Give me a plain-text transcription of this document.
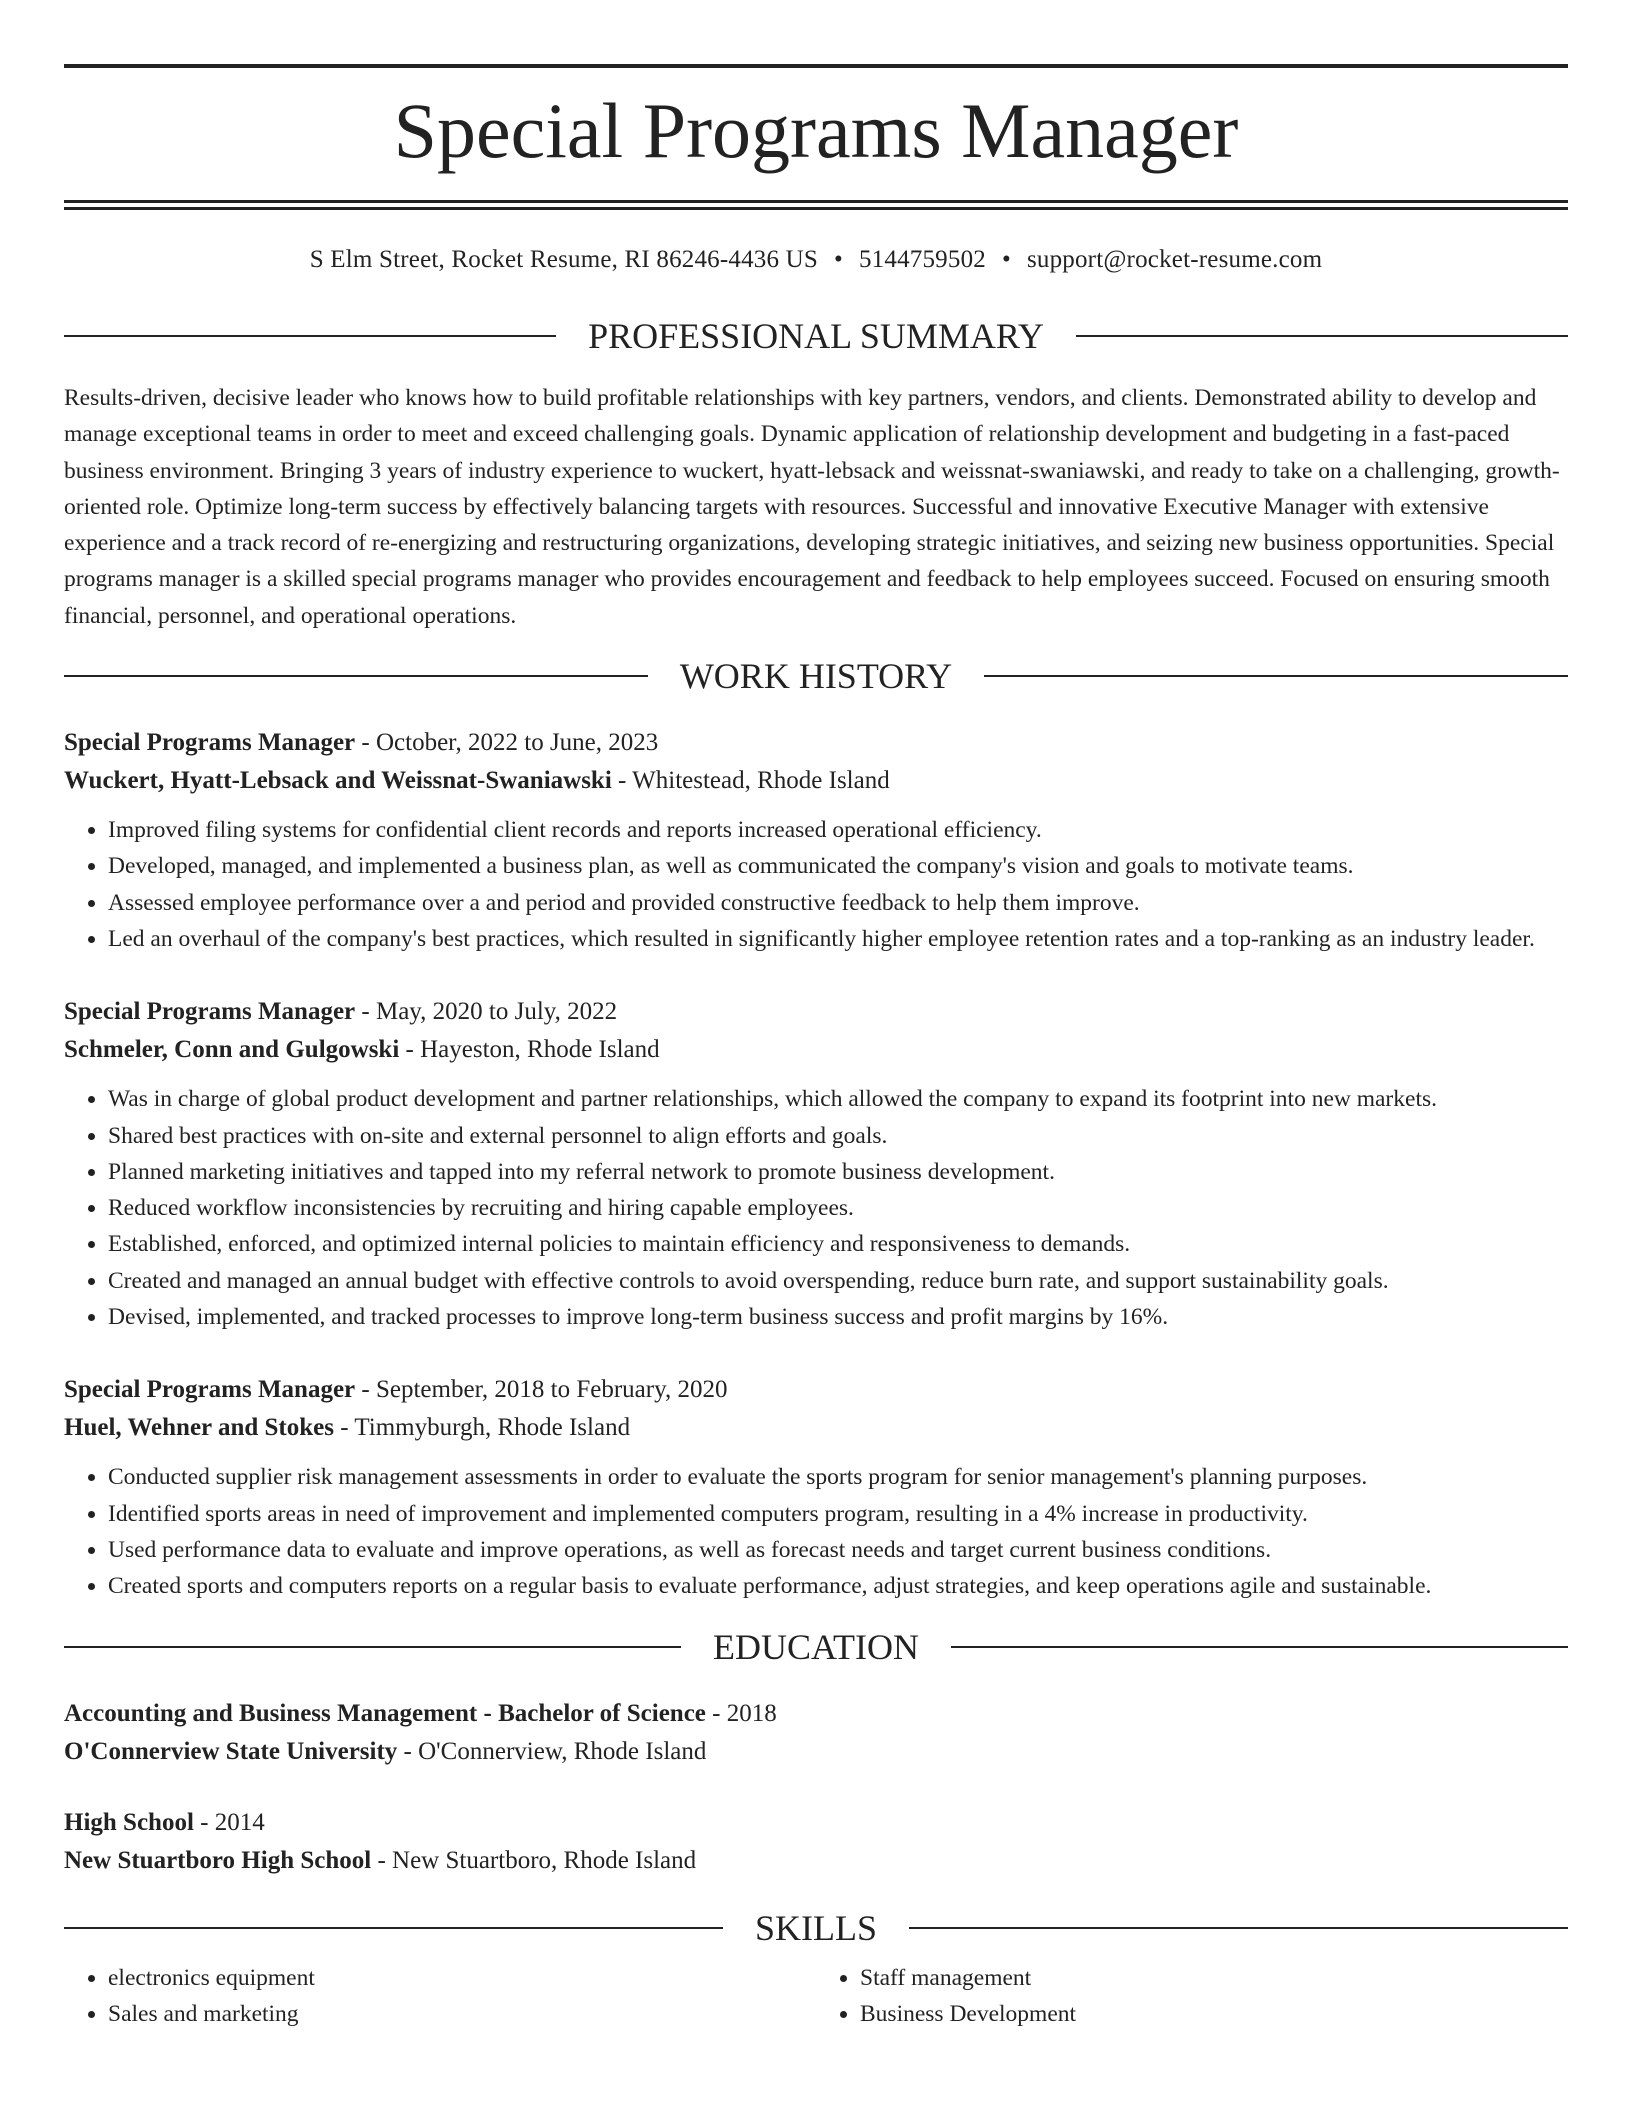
Special Programs Manager
S Elm Street, Rocket Resume, RI 86246-4436 US • 5144759502 • support@rocket-resume.com
PROFESSIONAL SUMMARY

Results-driven, decisive leader who knows how to build profitable relationships with key partners, vendors, and clients. Demonstrated ability to develop and manage exceptional teams in order to meet and exceed challenging goals. Dynamic application of relationship development and budgeting in a fast-paced business environment. Bringing 3 years of industry experience to wuckert, hyatt-lebsack and weissnat-swaniawski, and ready to take on a challenging, growth-oriented role. Optimize long-term success by effectively balancing targets with resources. Successful and innovative Executive Manager with extensive experience and a track record of re-energizing and restructuring organizations, developing strategic initiatives, and seizing new business opportunities. Special programs manager is a skilled special programs manager who provides encouragement and feedback to help employees succeed. Focused on ensuring smooth financial, personnel, and operational operations.

WORK HISTORY
Special Programs Manager - October, 2022 to June, 2023
Wuckert, Hyatt-Lebsack and Weissnat-Swaniawski - Whitestead, Rhode Island
• Improved filing systems for confidential client records and reports increased operational efficiency.
• Developed, managed, and implemented a business plan, as well as communicated the company's vision and goals to motivate teams.
• Assessed employee performance over a and period and provided constructive feedback to help them improve.
• Led an overhaul of the company's best practices, which resulted in significantly higher employee retention rates and a top-ranking as an industry leader.
Special Programs Manager - May, 2020 to July, 2022
Schmeler, Conn and Gulgowski - Hayeston, Rhode Island
• Was in charge of global product development and partner relationships, which allowed the company to expand its footprint into new markets.
• Shared best practices with on-site and external personnel to align efforts and goals.
• Planned marketing initiatives and tapped into my referral network to promote business development.
• Reduced workflow inconsistencies by recruiting and hiring capable employees.
• Established, enforced, and optimized internal policies to maintain efficiency and responsiveness to demands.
• Created and managed an annual budget with effective controls to avoid overspending, reduce burn rate, and support sustainability goals.
• Devised, implemented, and tracked processes to improve long-term business success and profit margins by 16%.
Special Programs Manager - September, 2018 to February, 2020
Huel, Wehner and Stokes - Timmyburgh, Rhode Island
• Conducted supplier risk management assessments in order to evaluate the sports program for senior management's planning purposes.
• Identified sports areas in need of improvement and implemented computers program, resulting in a 4% increase in productivity.
• Used performance data to evaluate and improve operations, as well as forecast needs and target current business conditions.
• Created sports and computers reports on a regular basis to evaluate performance, adjust strategies, and keep operations agile and sustainable.
EDUCATION
Accounting and Business Management - Bachelor of Science - 2018
O'Connerview State University - O'Connerview, Rhode Island
High School - 2014
New Stuartboro High School - New Stuartboro, Rhode Island
SKILLS
• electronics equipment
• Sales and marketing
• Staff management
• Business Development
